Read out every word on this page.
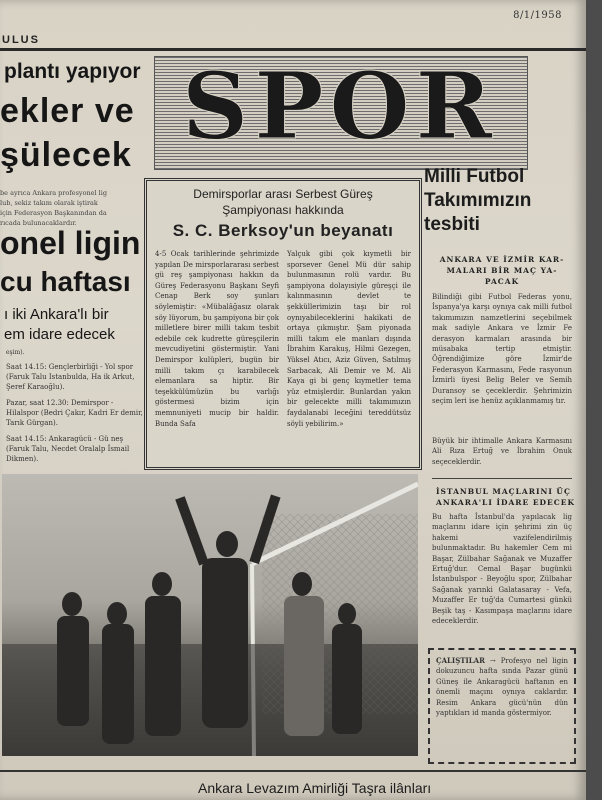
ULUS
8/1/1958
plantı yapıyor
ekler ve
şülecek
be ayrıca Ankara profesyonel lig
lub, sekiz takım olarak iştirak
için Federasyon Başkanından da
rıcada bulunacaklardır.
onel ligin
cu haftası
ı iki Ankara'lı bir
em idare edecek
eşim).
Saat 14.15: Gençlerbirliği - Yol spor (Faruk Talu Istanbulda, Ha ik Arkut, Şeref Karaoğlu).
Pazar, saat 12.30: Demirspor - Hilalspor (Bedri Çakır, Kadri Er demir, Tarık Gürgan).
Saat 14.15: Ankaragücü - Gü neş (Faruk Talu, Necdet Oralalp İsmail Dikmen).
SPOR
Demirsporlar arası Serbest Güreş
Şampiyonası hakkında
S. C. Berksoy'un beyanatı
4-5 Ocak tarihlerinde şehrimizde yapılan De mirsporlararası serbest gü reş şampiyonası hakkın da Güreş Federasyonu Başkanı Seyfi Cenap Berk soy şunları söylemiştir: «Mübalâğasız olarak söy lüyorum, bu şampiyona bir çok milletlere birer milli takım tesbit edebile cek kudrette güreşçilerin mevcudiyetini göstermiştir. Yani Demirspor kulüpleri, bugün bir milli takım çı karabilecek elemanlara sa hiptir. Bir teşekkülümüzün bu varlığı göstermesi bizim için memnuniyeti mucip bir haldir. Bunda Safa
Yalçuk gibi çok kıymetli bir sporsever Genel Mü dür sahip bulunmasının rolü vardır. Bu şampiyona dolayısiyle güreşçi ile kalınmasının devlet te şekküllerimizin taşı bir rol oynıyabileceklerini hakikati de ortaya çıkmıştır. Şam piyonada milli takım ele manları dışında İbrahim Karakuş, Hilmi Gezegen, Yüksel Atıcı, Aziz Güven, Satılmış Sarbacak, Ali Demir ve M. Ali Kaya gi bi genç kıymetler tema yüz etmişlerdir. Bunlardan yakın bir gelecekte milli takımımızın faydalanabi leceğini tereddütsüz söyli yebilirim.»
Milli Futbol
Takımımızın
tesbiti
ANKARA VE İZMİR KAR-
MALARI BİR MAÇ YA-
PACAK
Bilindiği gibi Futbol Federas yonu, İspanya'ya karşı oynıya cak milli futbol takımımızın namzetlerini seçebilmek mak sadiyle Ankara ve İzmir Fe derasyon karmaları arasında bir müsabaka tertip etmiştir. Öğrendiğimize göre İzmir'de Federasyon Karmasını, Fede rasyonun İzmirli üyesi Belig Beler ve Semih Duransoy se çeceklerdir. Şehrimizin seçim leri ise henüz açıklanmamış tır.
Büyük bir ihtimalle Ankara Karmasını Ali Rıza Ertuğ ve İbrahim Onuk seçeceklerdir.
İSTANBUL MAÇLARINI ÜÇ
ANKARA'LI İDARE EDECEK
Bu hafta İstanbul'da yapılacak lig maçlarını idare için şehrimi zin üç hakemi vazifelendirilmiş bulunmaktadır. Bu hakemler Cem mi Başar, Zülbahar Sağanak ve Muzaffer Ertuğ'dur. Cemal Başar bugünkü İstanbulspor - Beyoğlu spor, Zülbahar Sağanak yarınki Galatasaray - Vefa, Muzaffer Er tuğ'da Cumartesi günkü Beşik taş - Kasımpaşa maçlarını idare edeceklerdir.
ÇALIŞTILAR → Profesyo nel ligin dokuzuncu hafta sında Pazar günü Güneş ile Ankaragücü haftanın en önemli maçını oynıya caklardır. Resim Ankara gücü'nün dün yaptıkları id manda göstermiyor.
Ankara Levazım Amirliği Taşra ilânları
